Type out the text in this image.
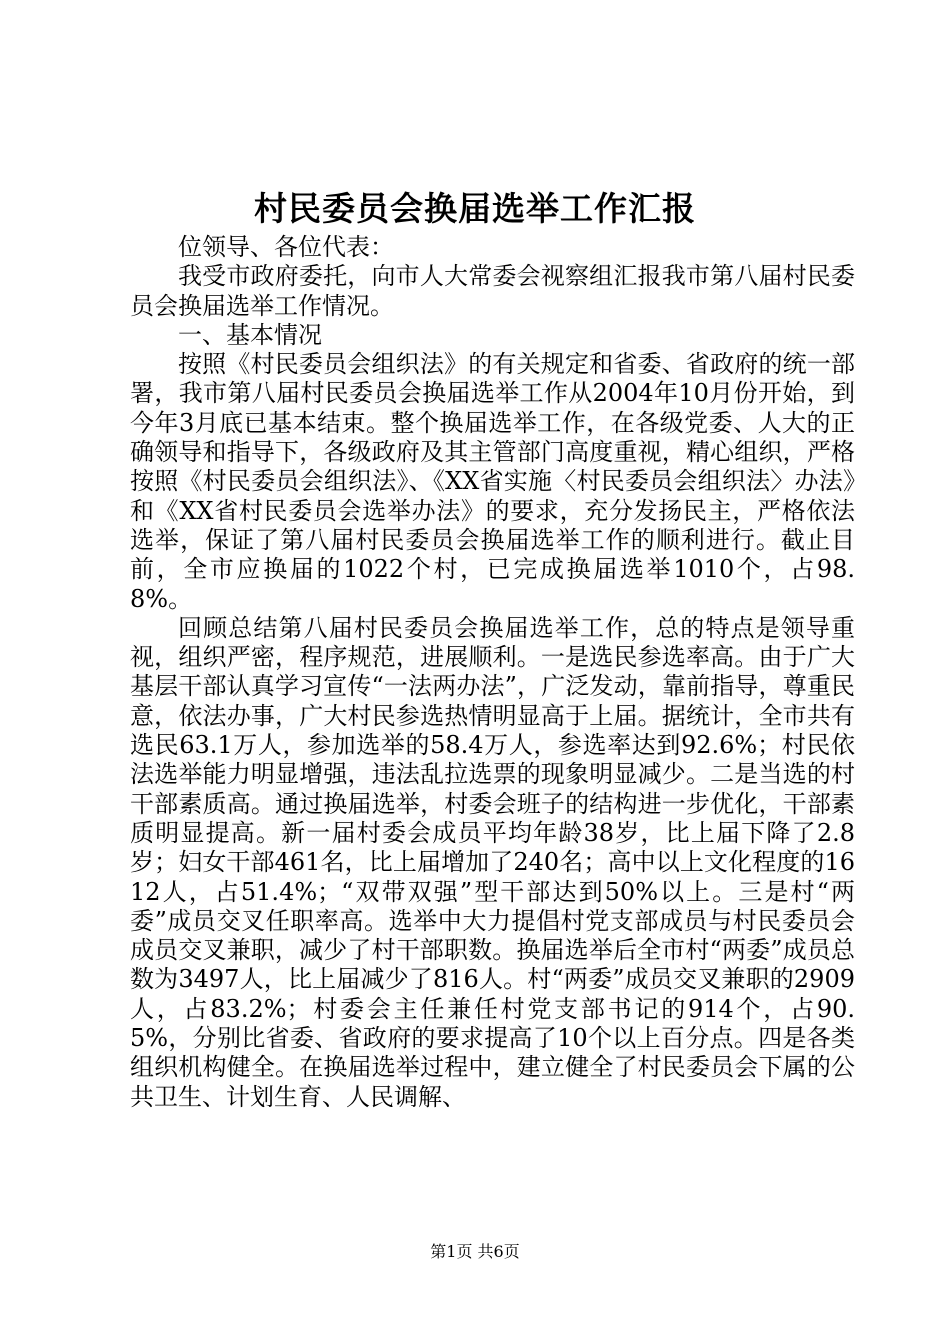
村民委员会换届选举工作汇报

位领导、各位代表：

我受市政府委托，向市人大常委会视察组汇报我市第八届村民委员会换届选举工作情况。

一、基本情况

按照《村民委员会组织法》的有关规定和省委、省政府的统一部署，我市第八届村民委员会换届选举工作从2004年10月份开始，到今年3月底已基本结束。整个换届选举工作，在各级党委、人大的正确领导和指导下，各级政府及其主管部门高度重视，精心组织，严格按照《村民委员会组织法》、《XX省实施〈村民委员会组织法〉办法》和《XX省村民委员会选举办法》的要求，充分发扬民主，严格依法选举，保证了第八届村民委员会换届选举工作的顺利进行。截止目前，全市应换届的1022个村，已完成换届选举1010个，占98.8%。

回顾总结第八届村民委员会换届选举工作，总的特点是领导重视，组织严密，程序规范，进展顺利。一是选民参选率高。由于广大基层干部认真学习宣传“一法两办法”，广泛发动，靠前指导，尊重民意，依法办事，广大村民参选热情明显高于上届。据统计，全市共有选民63.1万人，参加选举的58.4万人，参选率达到92.6%；村民依法选举能力明显增强，违法乱拉选票的现象明显减少。二是当选的村干部素质高。通过换届选举，村委会班子的结构进一步优化，干部素质明显提高。新一届村委会成员平均年龄38岁，比上届下降了2.8岁；妇女干部461名，比上届增加了240名；高中以上文化程度的1612人，占51.4%；“双带双强”型干部达到50%以上。三是村“两委”成员交叉任职率高。选举中大力提倡村党支部成员与村民委员会成员交叉兼职，减少了村干部职数。换届选举后全市村“两委”成员总数为3497人，比上届减少了816人。村“两委”成员交叉兼职的2909人，占83.2%；村委会主任兼任村党支部书记的914个，占90.5%，分别比省委、省政府的要求提高了10个以上百分点。四是各类组织机构健全。在换届选举过程中，建立健全了村民委员会下属的公共卫生、计划生育、人民调解、

第1页 共6页
